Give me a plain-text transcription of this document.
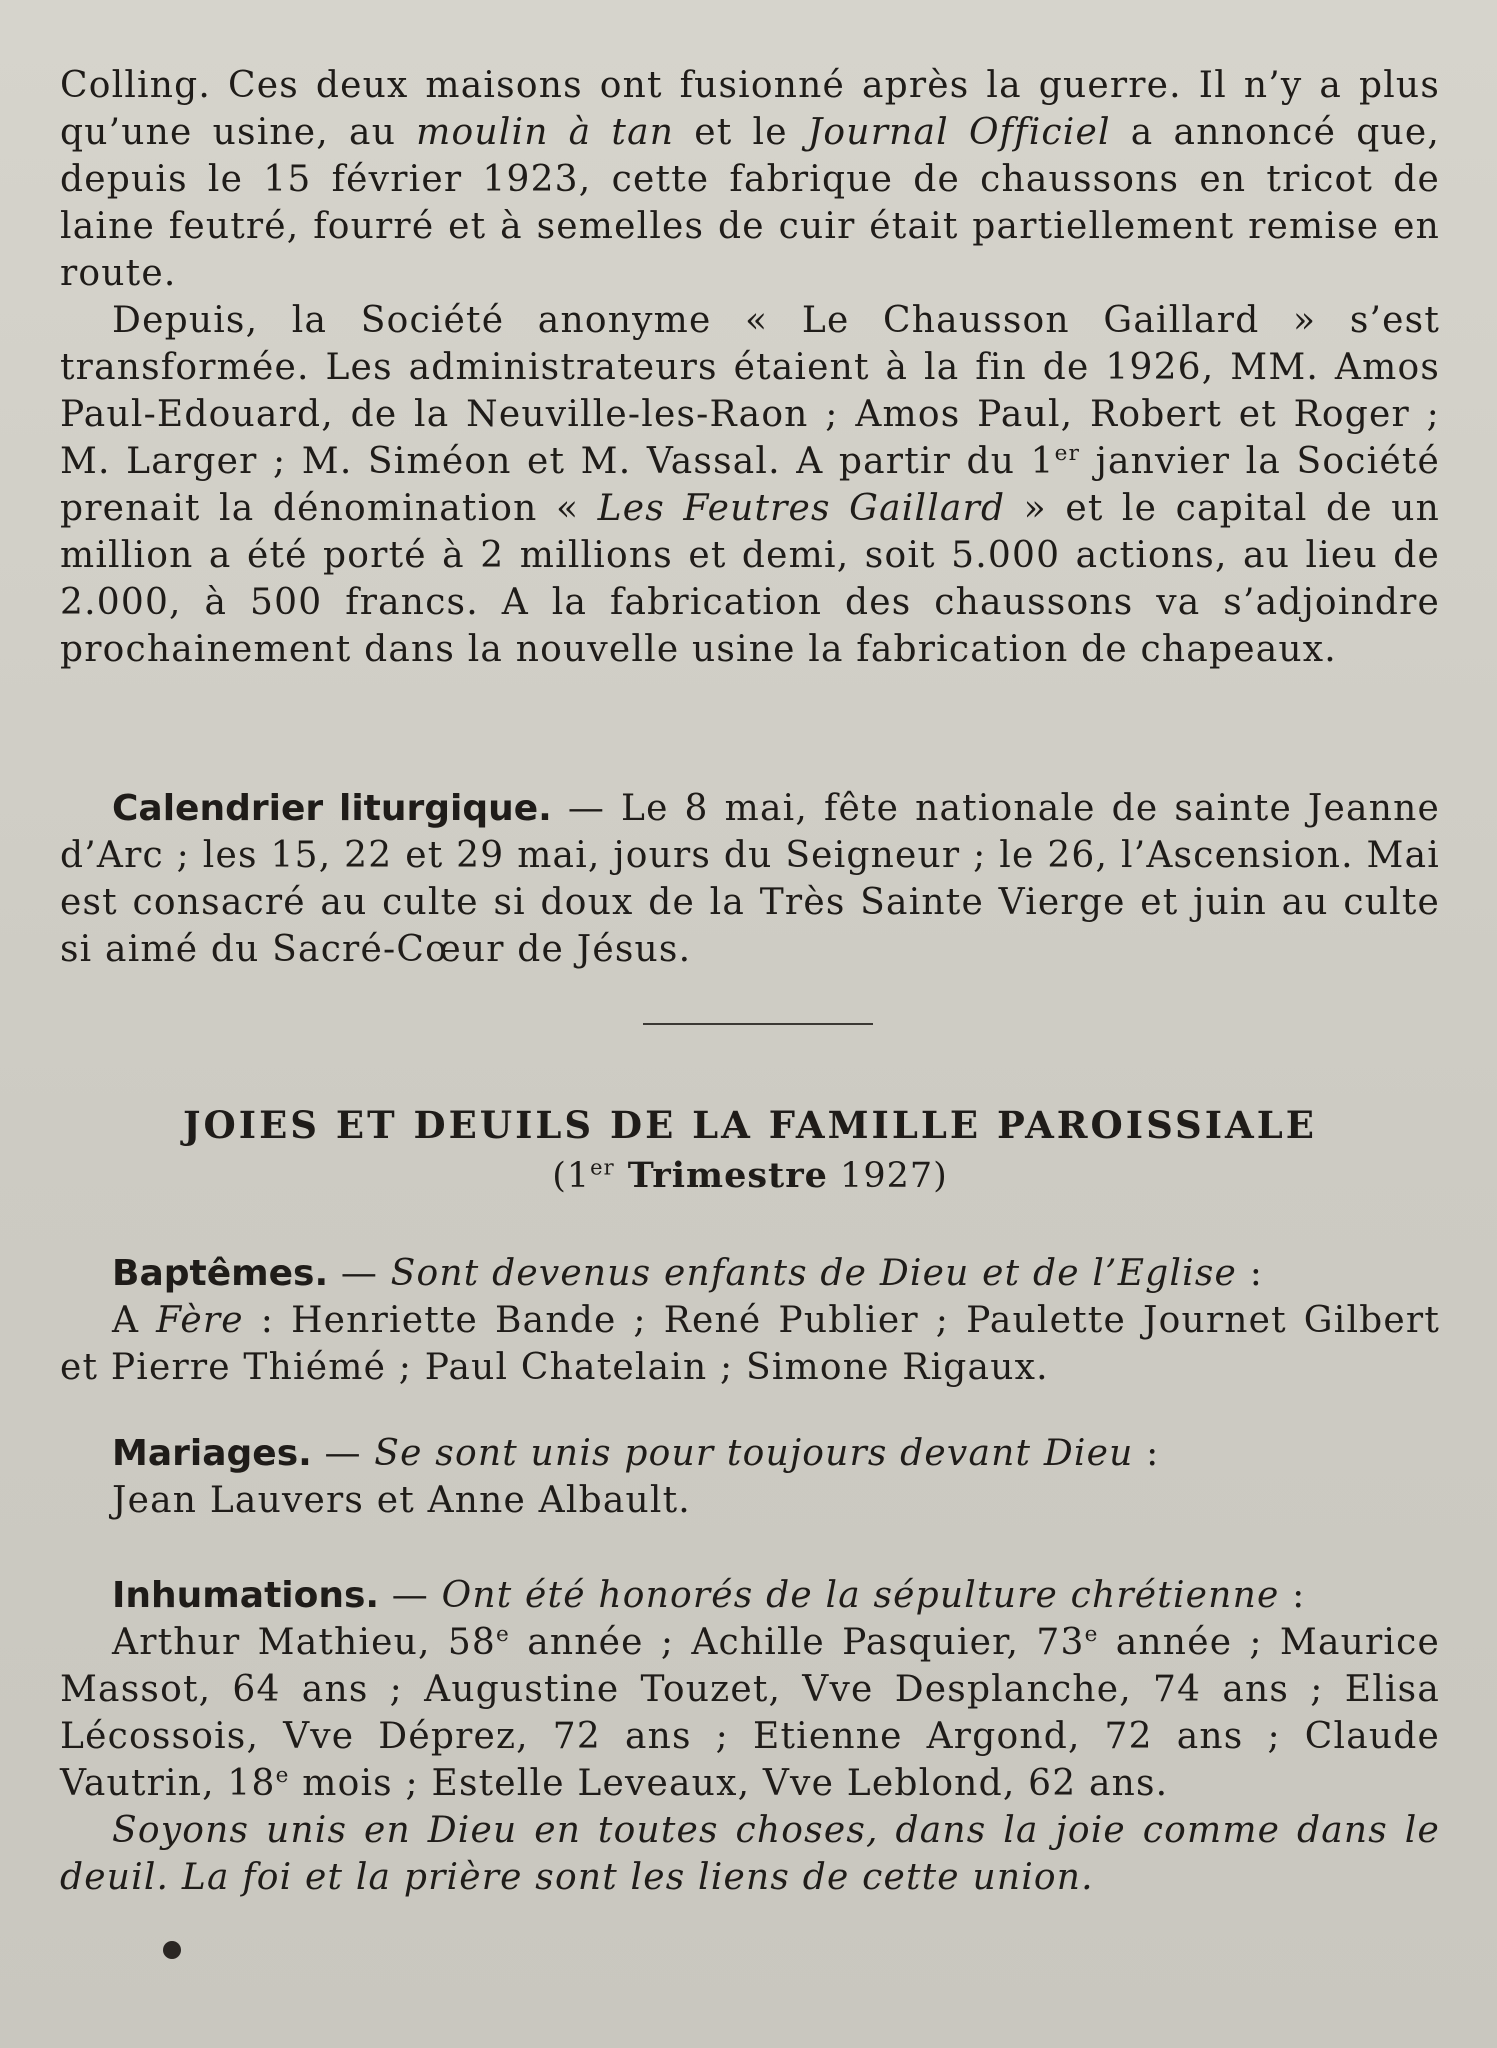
Colling. Ces deux maisons ont fusionné après la guerre. Il n’y a plus qu’une usine, au moulin à tan et le Journal Officiel a annoncé que, depuis le 15 février 1923, cette fabrique de chaussons en tricot de laine feutré, fourré et à semelles de cuir était partiellement remise en route.

Depuis, la Société anonyme « Le Chausson Gaillard » s’est transformée. Les administrateurs étaient à la fin de 1926, MM. Amos Paul-Edouard, de la Neuville-les-Raon ; Amos Paul, Robert et Roger ; M. Larger ; M. Siméon et M. Vassal. A partir du 1er janvier la Société prenait la dénomination « Les Feutres Gaillard » et le capital de un million a été porté à 2 millions et demi, soit 5.000 actions, au lieu de 2.000, à 500 francs. A la fabrication des chaussons va s’adjoindre prochainement dans la nouvelle usine la fabrication de chapeaux.

Calendrier liturgique. — Le 8 mai, fête nationale de sainte Jeanne d’Arc ; les 15, 22 et 29 mai, jours du Seigneur ; le 26, l’Ascension. Mai est consacré au culte si doux de la Très Sainte Vierge et juin au culte si aimé du Sacré-Cœur de Jésus.

JOIES ET DEUILS DE LA FAMILLE PAROISSIALE
(1er Trimestre 1927)

Baptêmes. — Sont devenus enfants de Dieu et de l’Eglise :

A Fère : Henriette Bande ; René Publier ; Paulette Journet Gilbert et Pierre Thiémé ; Paul Chatelain ; Simone Rigaux.

Mariages. — Se sont unis pour toujours devant Dieu :

Jean Lauvers et Anne Albault.

Inhumations. — Ont été honorés de la sépulture chrétienne :

Arthur Mathieu, 58e année ; Achille Pasquier, 73e année ; Maurice Massot, 64 ans ; Augustine Touzet, Vve Desplanche, 74 ans ; Elisa Lécossois, Vve Déprez, 72 ans ; Etienne Argond, 72 ans ; Claude Vautrin, 18e mois ; Estelle Leveaux, Vve Leblond, 62 ans.

Soyons unis en Dieu en toutes choses, dans la joie comme dans le deuil. La foi et la prière sont les liens de cette union.
